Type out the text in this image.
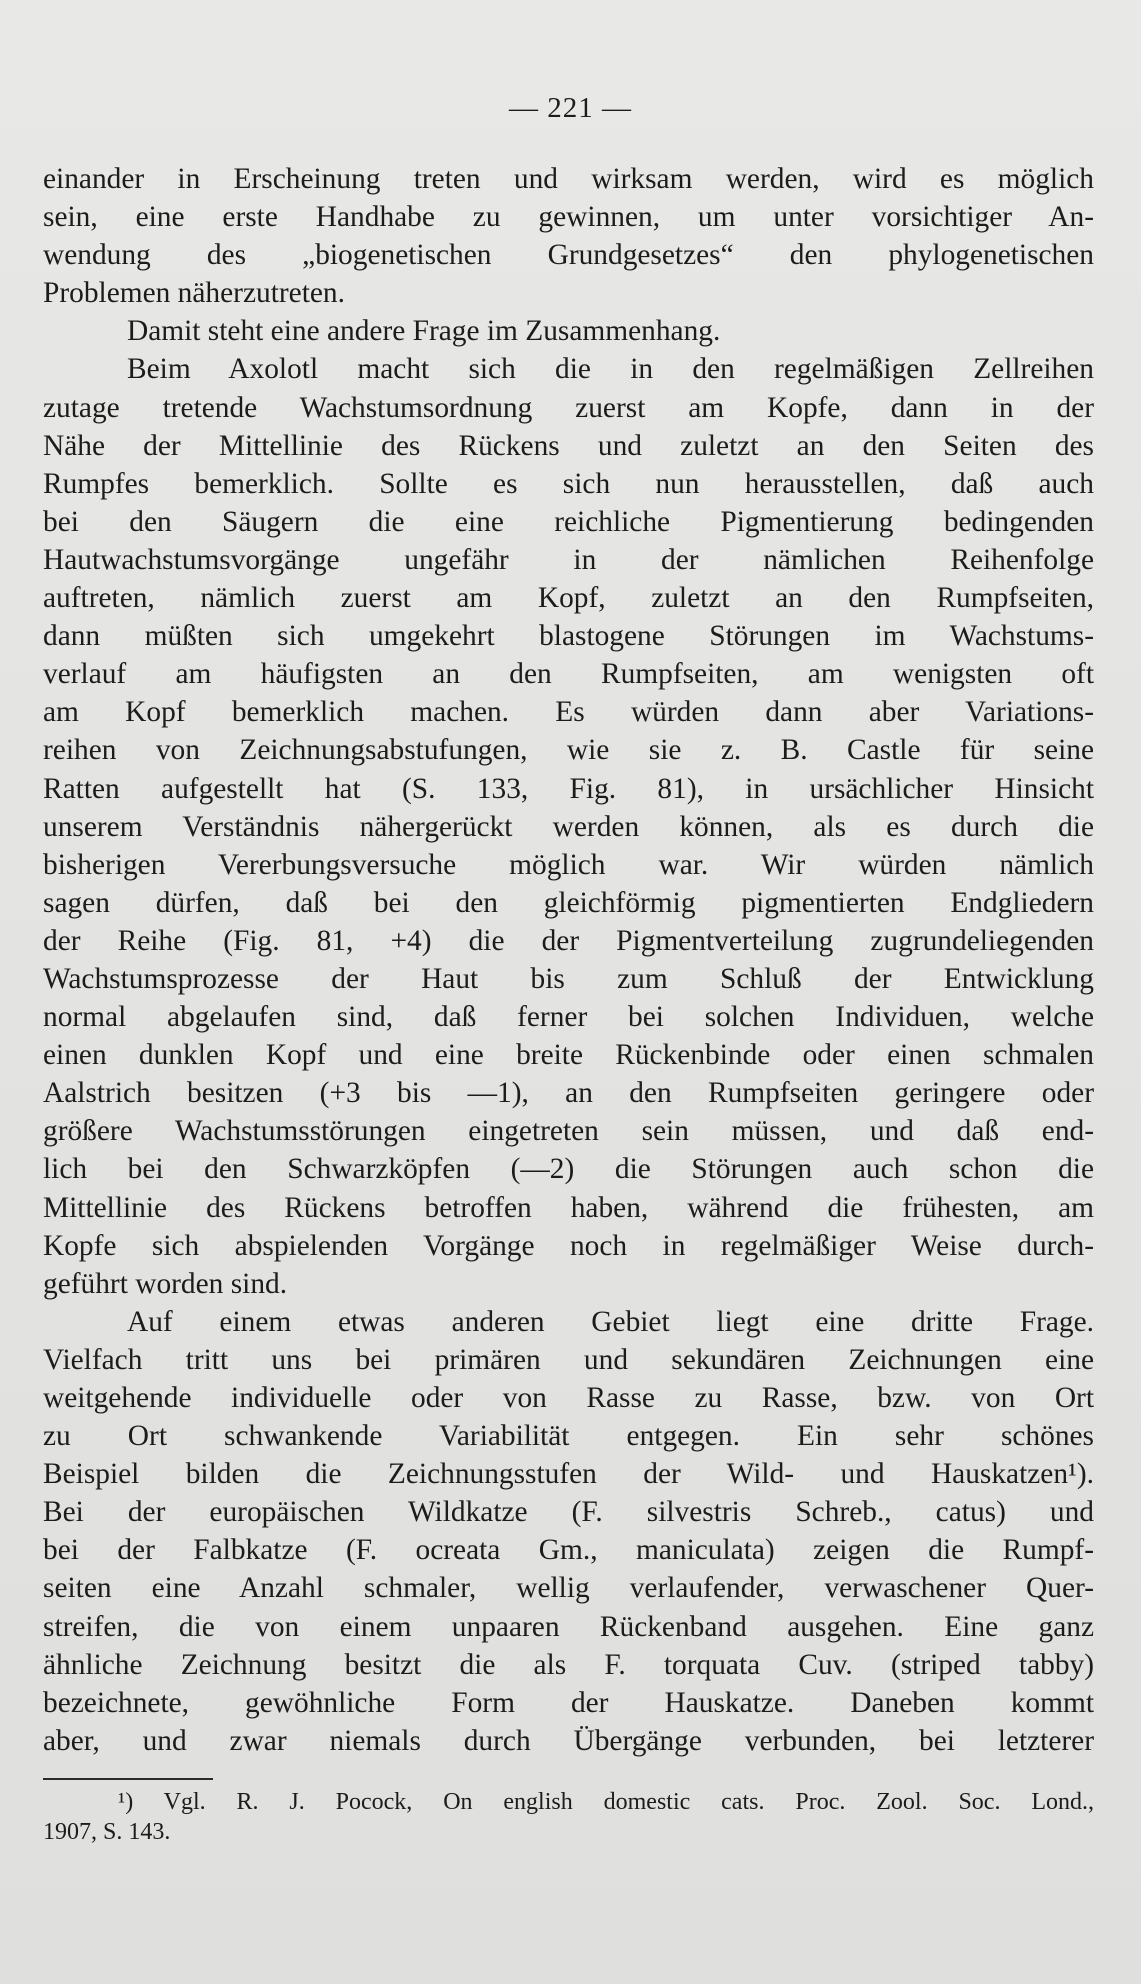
— 221 —
einander in Erscheinung treten und wirksam werden, wird es möglich
sein, eine erste Handhabe zu gewinnen, um unter vorsichtiger An-
wendung des „biogenetischen Grundgesetzes“ den phylogenetischen
Problemen näherzutreten.
Damit steht eine andere Frage im Zusammenhang.
Beim Axolotl macht sich die in den regelmäßigen Zellreihen
zutage tretende Wachstumsordnung zuerst am Kopfe, dann in der
Nähe der Mittellinie des Rückens und zuletzt an den Seiten des
Rumpfes bemerklich. Sollte es sich nun herausstellen, daß auch
bei den Säugern die eine reichliche Pigmentierung bedingenden
Hautwachstumsvorgänge ungefähr in der nämlichen Reihenfolge
auftreten, nämlich zuerst am Kopf, zuletzt an den Rumpfseiten,
dann müßten sich umgekehrt blastogene Störungen im Wachstums-
verlauf am häufigsten an den Rumpfseiten, am wenigsten oft
am Kopf bemerklich machen. Es würden dann aber Variations-
reihen von Zeichnungsabstufungen, wie sie z. B. Castle für seine
Ratten aufgestellt hat (S. 133, Fig. 81), in ursächlicher Hinsicht
unserem Verständnis nähergerückt werden können, als es durch die
bisherigen Vererbungsversuche möglich war. Wir würden nämlich
sagen dürfen, daß bei den gleichförmig pigmentierten Endgliedern
der Reihe (Fig. 81, +4) die der Pigmentverteilung zugrundeliegenden
Wachstumsprozesse der Haut bis zum Schluß der Entwicklung
normal abgelaufen sind, daß ferner bei solchen Individuen, welche
einen dunklen Kopf und eine breite Rückenbinde oder einen schmalen
Aalstrich besitzen (+3 bis —1), an den Rumpfseiten geringere oder
größere Wachstumsstörungen eingetreten sein müssen, und daß end-
lich bei den Schwarzköpfen (—2) die Störungen auch schon die
Mittellinie des Rückens betroffen haben, während die frühesten, am
Kopfe sich abspielenden Vorgänge noch in regelmäßiger Weise durch-
geführt worden sind.
Auf einem etwas anderen Gebiet liegt eine dritte Frage.
Vielfach tritt uns bei primären und sekundären Zeichnungen eine
weitgehende individuelle oder von Rasse zu Rasse, bzw. von Ort
zu Ort schwankende Variabilität entgegen. Ein sehr schönes
Beispiel bilden die Zeichnungsstufen der Wild- und Hauskatzen¹).
Bei der europäischen Wildkatze (F. silvestris Schreb., catus) und
bei der Falbkatze (F. ocreata Gm., maniculata) zeigen die Rumpf-
seiten eine Anzahl schmaler, wellig verlaufender, verwaschener Quer-
streifen, die von einem unpaaren Rückenband ausgehen. Eine ganz
ähnliche Zeichnung besitzt die als F. torquata Cuv. (striped tabby)
bezeichnete, gewöhnliche Form der Hauskatze. Daneben kommt
aber, und zwar niemals durch Übergänge verbunden, bei letzterer
¹) Vgl. R. J. Pocock, On english domestic cats. Proc. Zool. Soc. Lond.,
1907, S. 143.
